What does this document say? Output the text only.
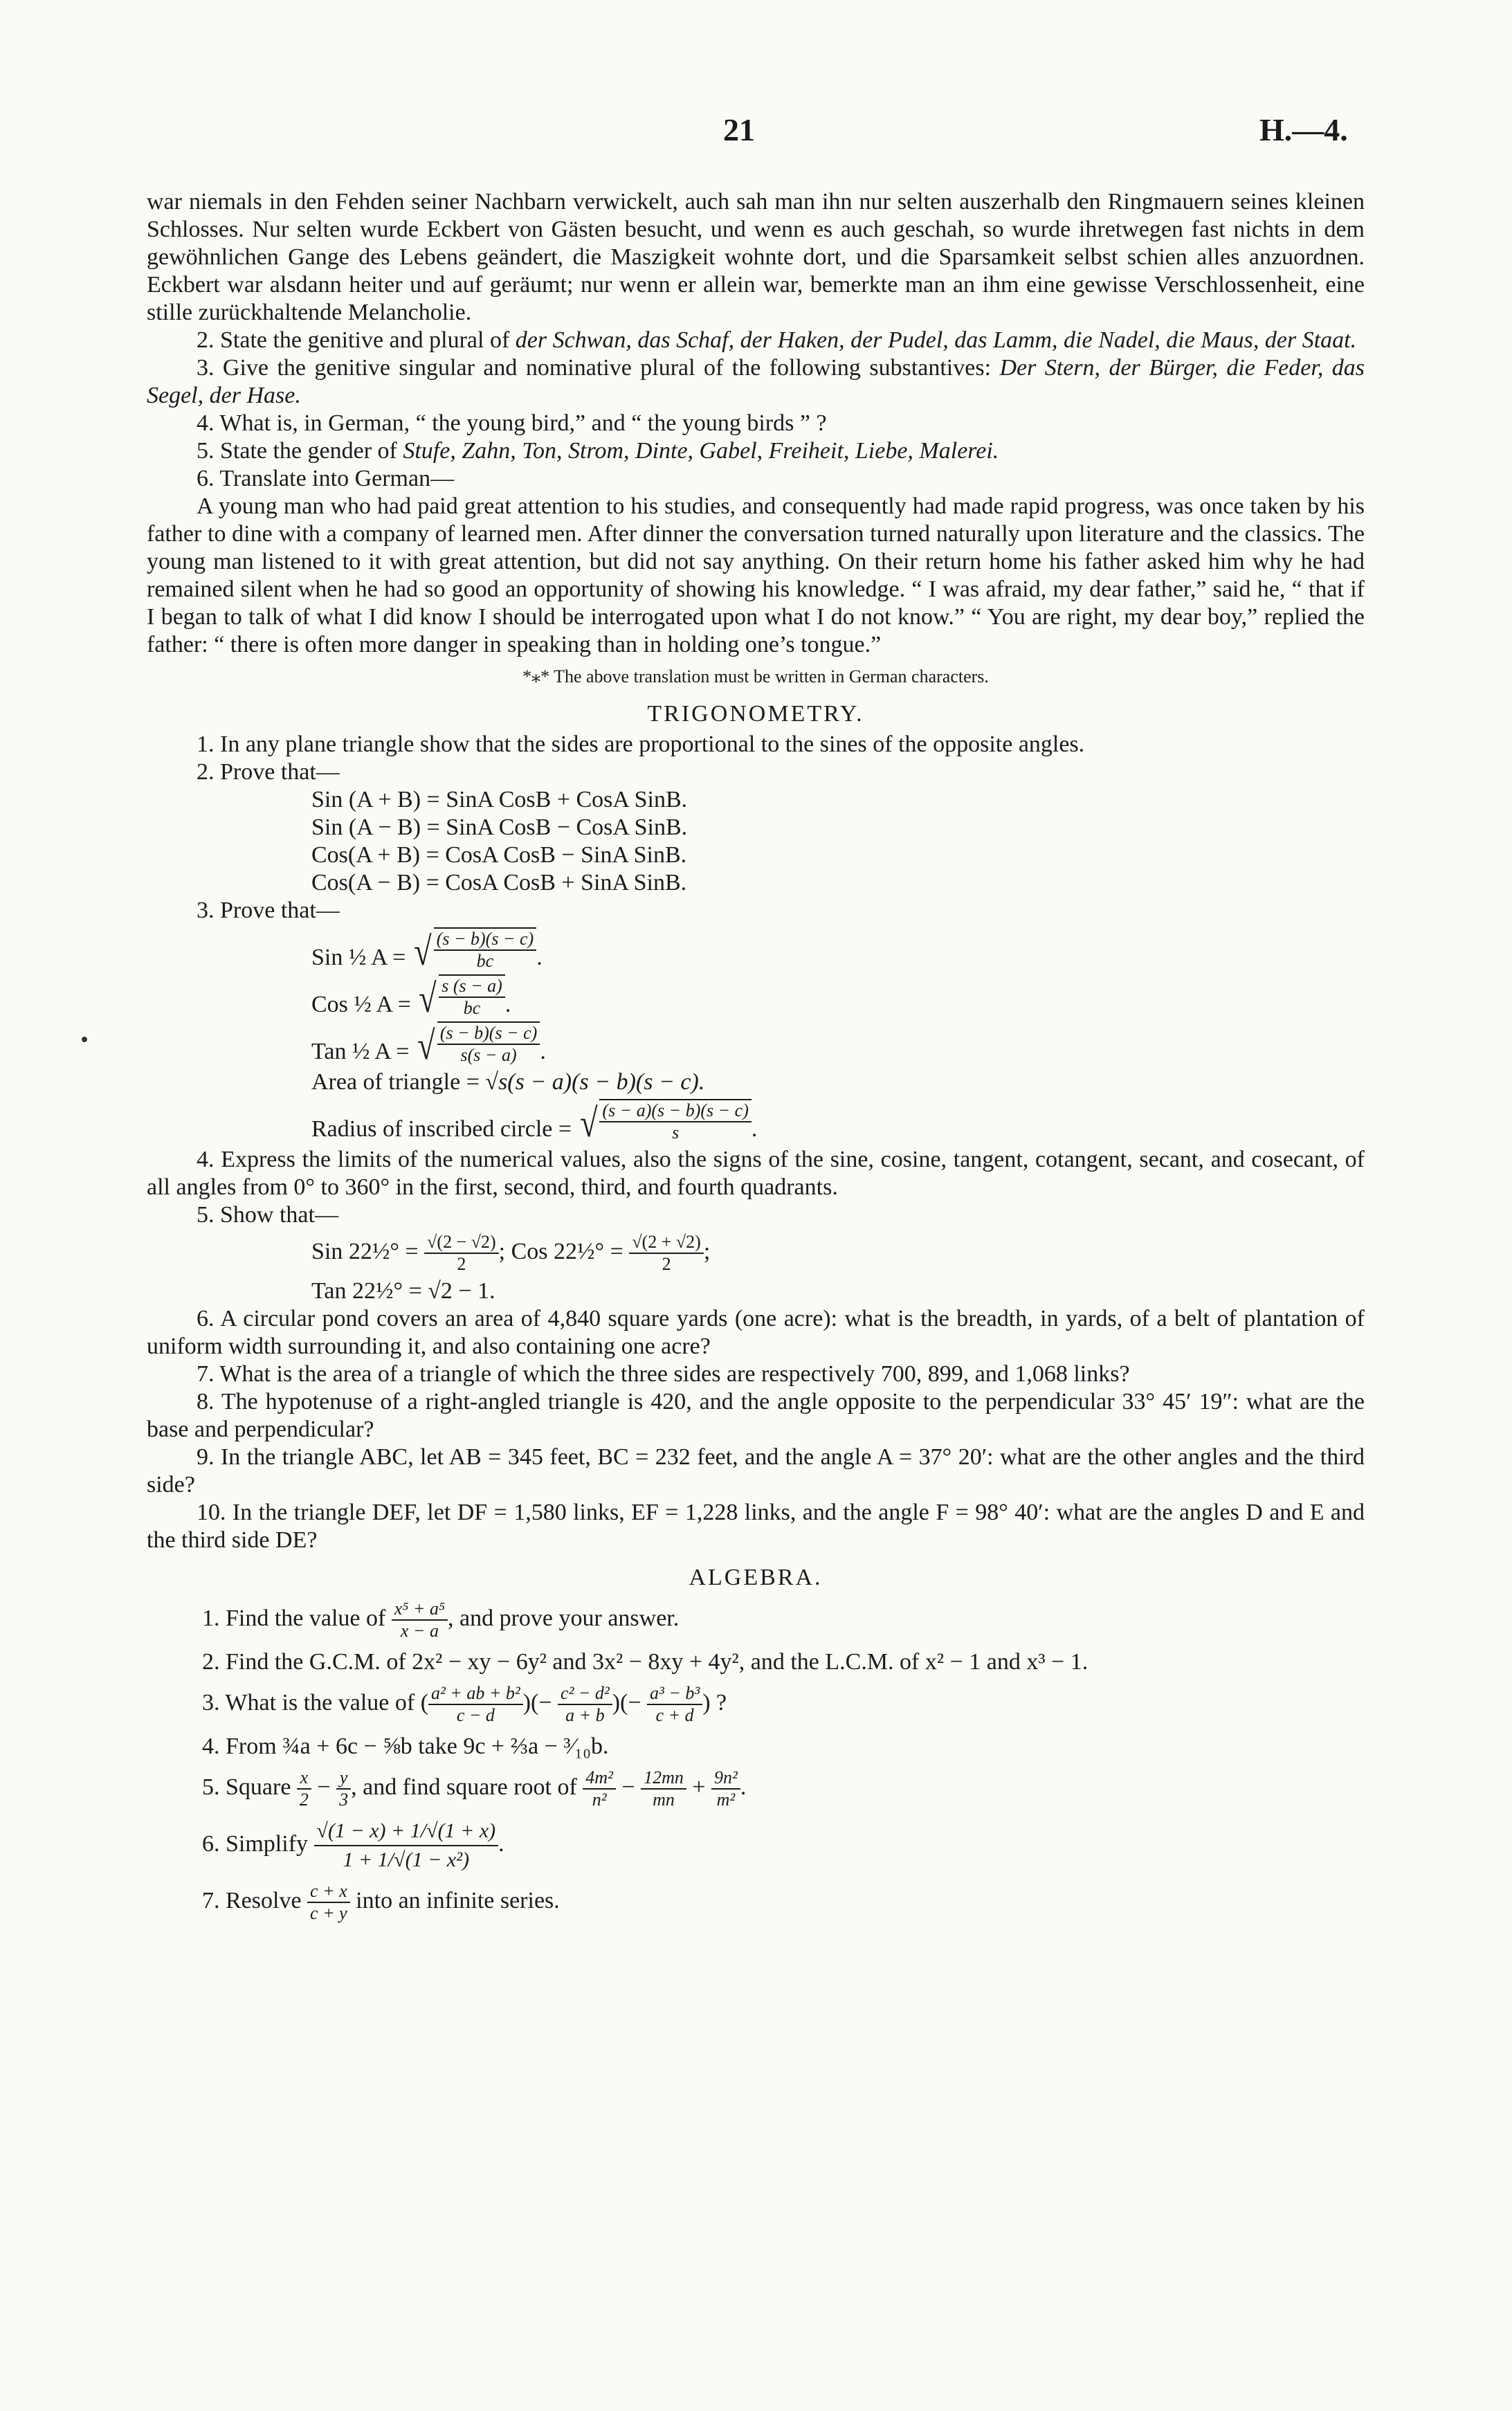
21	H.—4.

war niemals in den Fehden seiner Nachbarn verwickelt, auch sah man ihn nur selten auszerhalb den Ringmauern seines kleinen Schlosses. Nur selten wurde Eckbert von Gästen besucht, und wenn es auch geschah, so wurde ihretwegen fast nichts in dem gewöhnlichen Gange des Lebens geändert, die Maszigkeit wohnte dort, und die Sparsamkeit selbst schien alles anzuordnen. Eckbert war alsdann heiter und auf geräumt; nur wenn er allein war, bemerkte man an ihm eine gewisse Verschlossenheit, eine stille zurückhaltende Melancholie.

2. State the genitive and plural of der Schwan, das Schaf, der Haken, der Pudel, das Lamm, die Nadel, die Maus, der Staat.

3. Give the genitive singular and nominative plural of the following substantives: Der Stern, der Bürger, die Feder, das Segel, der Hase.

4. What is, in German, “ the young bird,” and “ the young birds ” ?

5. State the gender of Stufe, Zahn, Ton, Strom, Dinte, Gabel, Freiheit, Liebe, Malerei.

6. Translate into German—

A young man who had paid great attention to his studies, and consequently had made rapid progress, was once taken by his father to dine with a company of learned men. After dinner the conversation turned naturally upon literature and the classics. The young man listened to it with great attention, but did not say anything. On their return home his father asked him why he had remained silent when he had so good an opportunity of showing his knowledge. “ I was afraid, my dear father,” said he, “ that if I began to talk of what I did know I should be interrogated upon what I do not know.” “ You are right, my dear boy,” replied the father: “ there is often more danger in speaking than in holding one’s tongue.”

*⁎* The above translation must be written in German characters.

TRIGONOMETRY.

1. In any plane triangle show that the sides are proportional to the sines of the opposite angles.

2. Prove that—

Sin (A + B) = SinA CosB + CosA SinB.

Sin (A − B) = SinA CosB − CosA SinB.

Cos(A + B) = CosA CosB − SinA SinB.

Cos(A − B) = CosA CosB + SinA SinB.

3. Prove that—

Sin ½ A = √ $\frac{(s - b)(s - c)}{bc}$ .
Cos ½ A = √ $\frac{s (s - a)}{bc}$ .
Tan ½ A = √ $\frac{(s - b)(s - c)}{s(s - a)}$ .
Area of triangle = √s(s − a)(s − b)(s − c).
Radius of inscribed circle = √ $\frac{(s - a)(s - b)(s - c)}{s}$ .

4. Express the limits of the numerical values, also the signs of the sine, cosine, tangent, cotangent, secant, and cosecant, of all angles from 0° to 360° in the first, second, third, and fourth quadrants.

5. Show that—

Sin 22½° = $\frac{√(2 - √2)}{2}$ ; Cos 22½° = $\frac{√(2 + √2)}{2}$ ;

Tan 22½° = √2 − 1.

6. A circular pond covers an area of 4,840 square yards (one acre): what is the breadth, in yards, of a belt of plantation of uniform width surrounding it, and also containing one acre?

7. What is the area of a triangle of which the three sides are respectively 700, 899, and 1,068 links?

8. The hypotenuse of a right-angled triangle is 420, and the angle opposite to the perpendicular 33° 45′ 19″: what are the base and perpendicular?

9. In the triangle ABC, let AB = 345 feet, BC = 232 feet, and the angle A = 37° 20′: what are the other angles and the third side?

10. In the triangle DEF, let DF = 1,580 links, EF = 1,228 links, and the angle F = 98° 40′: what are the angles D and E and the third side DE?

ALGEBRA.

1. Find the value of $\frac{\text{x⁵ + a⁵}}{x - a}$ , and prove your answer.
2. Find the G.C.M. of 2x² − xy − 6y² and 3x² − 8xy + 4y², and the L.C.M. of x² − 1 and x³ − 1.
3. What is the value of ( $\frac{\text{a² + ab + b²}}{c - d}$ )(− $\frac{\text{c² − d²}}{a + b}$ )(− $\frac{\text{a³ − b³}}{c + d}$ ) ?
4. From ¾a + 6c − ⅝b take 9c + ⅔a − ³⁄₁₀b.
5. Square $\frac{x}{2} - \frac{y}{3}$ , and find square root of $\frac{\text{4m²}}{\text{n²}} - \frac{12mn}{mn} + \frac{\text{9n²}}{\text{m²}}$ .
6. Simplify $\frac{√(1 - x) + 1/√(1 + x)}{\text{1 + 1/√(1 − x²)}}$ .
7. Resolve $\frac{c + x}{c + y}$ into an infinite series.
